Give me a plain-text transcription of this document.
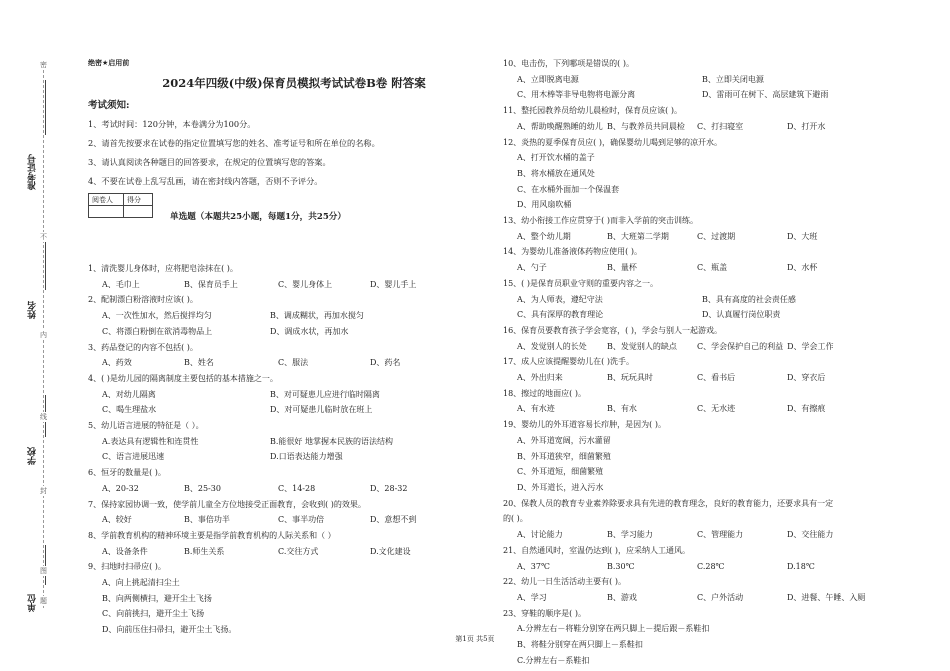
准考证号
姓名
学校
单位
密
不
内
线
封
图
题
绝密★启用前
2024年四级(中级)保育员模拟考试试卷B卷 附答案
考试须知:
1、考试时间：120分钟，本卷满分为100分。
2、请首先按要求在试卷的指定位置填写您的姓名、准考证号和所在单位的名称。
3、请认真阅读各种题目的回答要求，在规定的位置填写您的答案。
4、不要在试卷上乱写乱画，请在密封线内答题，否则不予评分。
阅卷人	得分

单选题（本题共25小题，每题1分，共25分）
1、清洗婴儿身体时，应将肥皂涂抹在( )。
A、毛巾上	B、保育员手上	C、婴儿身体上	D、婴儿手上
2、配制漂白粉溶液时应该( )。
A、一次性加水，然后搅拌均匀	B、调成糊状，再加水搅匀
C、将漂白粉倒在欲消毒物品上	D、调成水状，再加水
3、药品登记的内容不包括( )。
A、药效	B、姓名	C、服法	D、药名
4、( )是幼儿园的隔离制度主要包括的基本措施之一。
A、对幼儿隔离	B、对可疑患儿应进行临时隔离
C、喝生理盐水	D、对可疑患儿临时放在班上
5、幼儿语言进展的特征是（ ）。
A.表达具有逻辑性和连贯性	B.能很好 地掌握本民族的语法结构
C、语言进展迅速	D.口语表达能力增强
6、恒牙的数量是( )。
A、20-32	B、25-30	C、14-28	D、28-32
7、保持家园协调一致，使学前儿童全方位地接受正面教育，会收到( )的效果。
A、较好	B、事倍功半	C、事半功倍	D、意想不到
8、学前教育机构的精神环境主要是指学前教育机构的人际关系和（ ）
A、设备条件	B.师生关系	C.交往方式	D.文化建设
9、扫地时扫帚应( )。
A、向上挑起清扫尘土
B、向两侧横扫，避开尘土飞扬
C、向前挑扫，避开尘土飞扬
D、向前压住扫帚扫，避开尘土飞扬。
10、电击伤，下列哪项是错误的( )。
A、立即脱离电源	B、立即关闭电源
C、用木棒等非导电物将电源分离	D、雷雨可在树下、高层建筑下避雨
11、整托园教养员给幼儿晨检时，保育员应该( )。
A、帮助唤醒熟睡的幼儿 B、与教养员共同晨检	C、打扫寝室	D、打开水
12、炎热的夏季保育员应( )，确保婴幼儿喝到足够的凉开水。
A、打开饮水桶的盖子
B、将水桶放在通风处
C、在水桶外面加一个保温套
D、用风扇吹桶
13、幼小衔接工作应贯穿于( )而非入学前的突击训练。
A、整个幼儿期	B、大班第二学期	C、过渡期	D、大班
14、为婴幼儿准备液体药物应使用( )。
A、勺子	B、量杯	C、瓶盖	D、水杯
15、( )是保育员职业守则的重要内容之一。
A、为人师表，遵纪守法	B、具有高度的社会责任感
C、具有深厚的教育理论	D、认真履行岗位职责
16、保育员要教育孩子学会宽容，( )，学会与别人一起游戏。
A、发觉别人的长处	B、发觉别人的缺点	C、学会保护自己的利益 D、学会工作
17、成人应该提醒婴幼儿在( )洗手。
A、外出归来	B、玩玩具时	C、看书后	D、穿衣后
18、擦过的地面应( )。
A、有水迹	B、有水	C、无水迹	D、有擦痕
19、婴幼儿的外耳道容易长疖肿，是因为( )。
A、外耳道宽阔，污水灌留
B、外耳道狭窄，细菌繁殖
C、外耳道短，细菌繁殖
D、外耳道长，进入污水
20、保教人员的教育专业素养除要求具有先进的教育理念，良好的教育能力，还要求具有一定
的( )。
A、讨论能力	B、学习能力	C、管理能力	D、交往能力
21、自然通风时，室温仍达到( )，应采纳人工通风。
A、37℃	B.30℃	C.28℃	D.18℃
22、幼儿一日生活活动主要有( )。
A、学习	B、游戏	C、户外活动	D、进餐、午睡、入厕
23、穿鞋的顺序是( )。
A.分辨左右－将鞋分别穿在两只脚上－提后跟－系鞋扣
B、将鞋分别穿在两只脚上－系鞋扣
C.分辨左右－系鞋扣
第1页 共5页
